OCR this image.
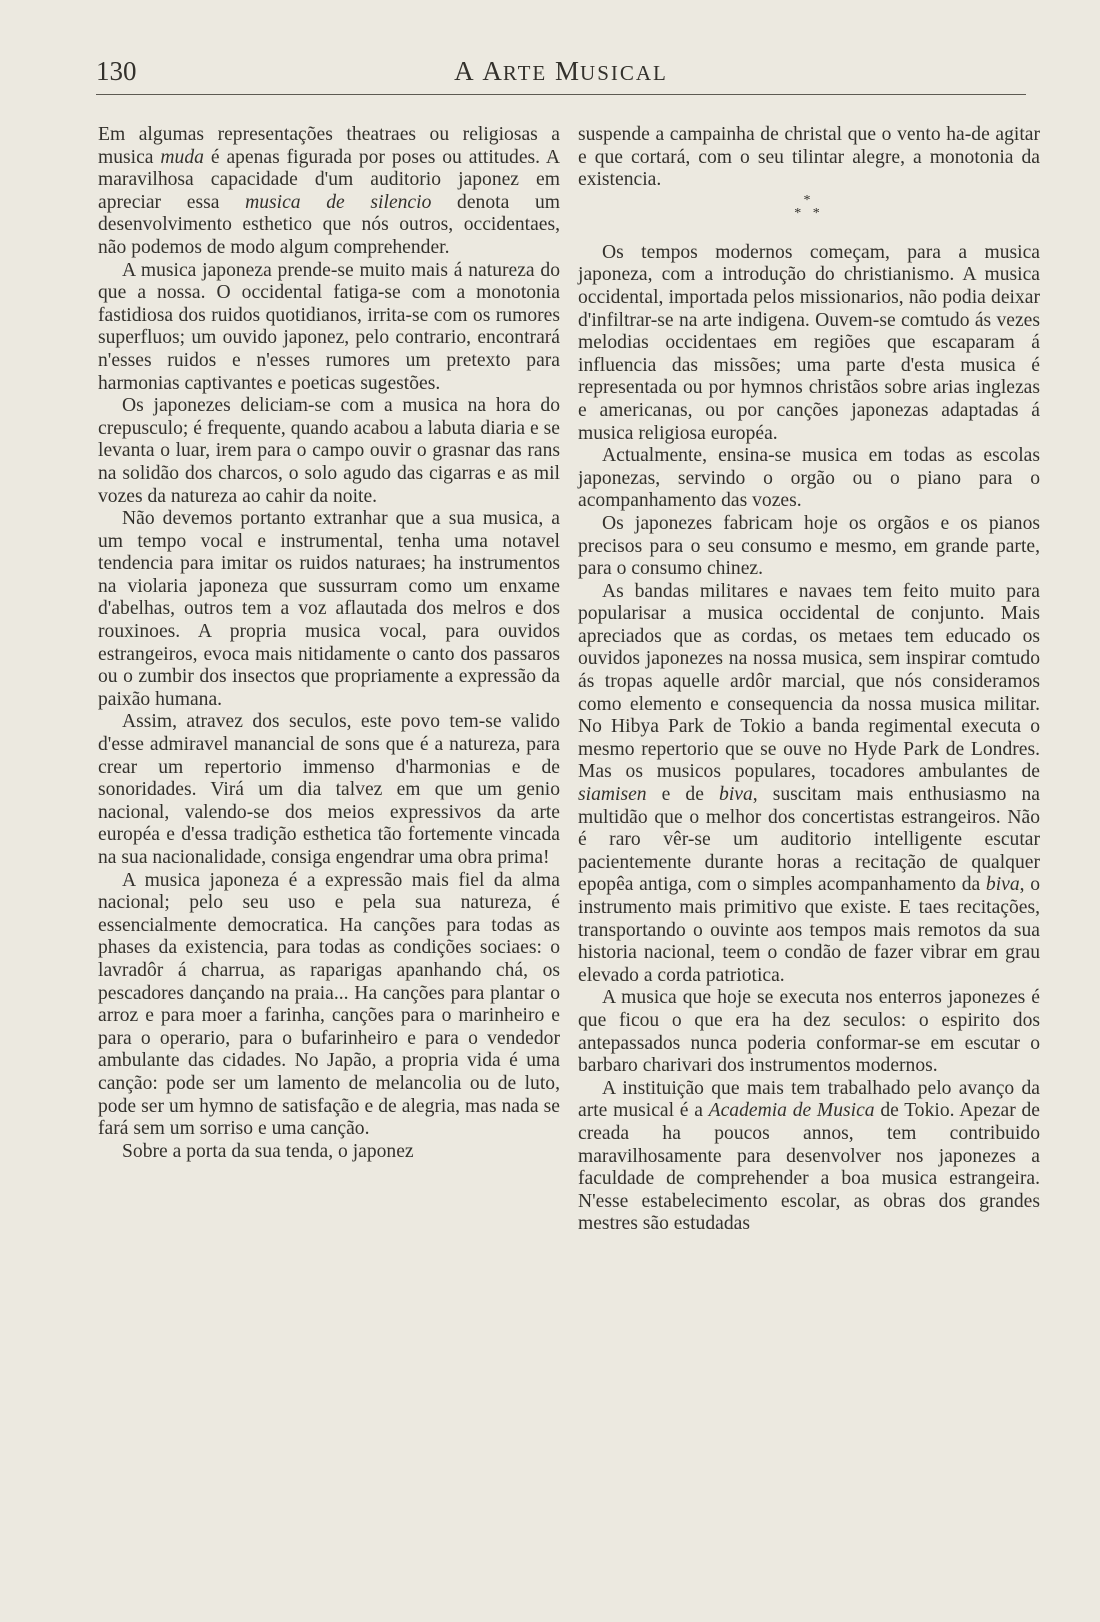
130	A ARTE MUSICAL

Em algumas representações theatraes ou religiosas a musica muda é apenas figurada por poses ou attitudes. A maravilhosa capacidade d'um auditorio japonez em apreciar essa musica de silencio denota um desenvolvimento esthetico que nós outros, occidentaes, não podemos de modo algum comprehender.

A musica japoneza prende-se muito mais á natureza do que a nossa. O occidental fatiga-se com a monotonia fastidiosa dos ruidos quotidianos, irrita-se com os rumores superfluos; um ouvido japonez, pelo contrario, encontrará n'esses ruidos e n'esses rumores um pretexto para harmonias captivantes e poeticas sugestões.

Os japonezes deliciam-se com a musica na hora do crepusculo; é frequente, quando acabou a labuta diaria e se levanta o luar, irem para o campo ouvir o grasnar das rans na solidão dos charcos, o solo agudo das cigarras e as mil vozes da natureza ao cahir da noite.

Não devemos portanto extranhar que a sua musica, a um tempo vocal e instrumental, tenha uma notavel tendencia para imitar os ruidos naturaes; ha instrumentos na violaria japoneza que sussurram como um enxame d'abelhas, outros tem a voz aflautada dos melros e dos rouxinoes. A propria musica vocal, para ouvidos estrangeiros, evoca mais nitidamente o canto dos passaros ou o zumbir dos insectos que propriamente a expressão da paixão humana.

Assim, atravez dos seculos, este povo tem-se valido d'esse admiravel manancial de sons que é a natureza, para crear um repertorio immenso d'harmonias e de sonoridades. Virá um dia talvez em que um genio nacional, valendo-se dos meios expressivos da arte européa e d'essa tradição esthetica tão fortemente vincada na sua nacionalidade, consiga engendrar uma obra prima!

A musica japoneza é a expressão mais fiel da alma nacional; pelo seu uso e pela sua natureza, é essencialmente democratica. Ha canções para todas as phases da existencia, para todas as condições sociaes: o lavradôr á charrua, as raparigas apanhando chá, os pescadores dançando na praia... Ha canções para plantar o arroz e para moer a farinha, canções para o marinheiro e para o operario, para o bufarinheiro e para o vendedor ambulante das cidades. No Japão, a propria vida é uma canção: pode ser um lamento de melancolia ou de luto, pode ser um hymno de satisfação e de alegria, mas nada se fará sem um sorriso e uma canção.

Sobre a porta da sua tenda, o japonez

suspende a campainha de christal que o vento ha-de agitar e que cortará, com o seu tilintar alegre, a monotonia da existencia.

*
* *

Os tempos modernos começam, para a musica japoneza, com a introdução do christianismo. A musica occidental, importada pelos missionarios, não podia deixar d'infiltrar-se na arte indigena. Ouvem-se comtudo ás vezes melodias occidentaes em regiões que escaparam á influencia das missões; uma parte d'esta musica é representada ou por hymnos christãos sobre arias inglezas e americanas, ou por canções japonezas adaptadas á musica religiosa européa.

Actualmente, ensina-se musica em todas as escolas japonezas, servindo o orgão ou o piano para o acompanhamento das vozes.

Os japonezes fabricam hoje os orgãos e os pianos precisos para o seu consumo e mesmo, em grande parte, para o consumo chinez.

As bandas militares e navaes tem feito muito para popularisar a musica occidental de conjunto. Mais apreciados que as cordas, os metaes tem educado os ouvidos japonezes na nossa musica, sem inspirar comtudo ás tropas aquelle ardôr marcial, que nós consideramos como elemento e consequencia da nossa musica militar. No Hibya Park de Tokio a banda regimental executa o mesmo repertorio que se ouve no Hyde Park de Londres. Mas os musicos populares, tocadores ambulantes de siamisen e de biva, suscitam mais enthusiasmo na multidão que o melhor dos concertistas estrangeiros. Não é raro vêr-se um auditorio intelligente escutar pacientemente durante horas a recitação de qualquer epopêa antiga, com o simples acompanhamento da biva, o instrumento mais primitivo que existe. E taes recitações, transportando o ouvinte aos tempos mais remotos da sua historia nacional, teem o condão de fazer vibrar em grau elevado a corda patriotica.

A musica que hoje se executa nos enterros japonezes é que ficou o que era ha dez seculos: o espirito dos antepassados nunca poderia conformar-se em escutar o barbaro charivari dos instrumentos modernos.

A instituição que mais tem trabalhado pelo avanço da arte musical é a Academia de Musica de Tokio. Apezar de creada ha poucos annos, tem contribuido maravilhosamente para desenvolver nos japonezes a faculdade de comprehender a boa musica estrangeira. N'esse estabelecimento escolar, as obras dos grandes mestres são estudadas
